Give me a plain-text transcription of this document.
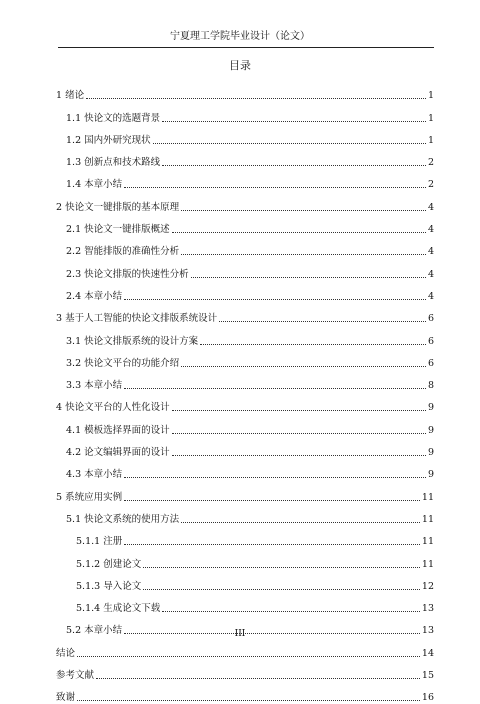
宁夏理工学院毕业设计（论文）
目录
1 绪论	1
1.1 快论文的选题背景	1
1.2 国内外研究现状	1
1.3 创新点和技术路线	2
1.4 本章小结	2
2 快论文一键排版的基本原理	4
2.1 快论文一键排版概述	4
2.2 智能排版的准确性分析	4
2.3 快论文排版的快速性分析	4
2.4 本章小结	4
3 基于人工智能的快论文排版系统设计	6
3.1 快论文排版系统的设计方案	6
3.2 快论文平台的功能介绍	6
3.3 本章小结	8
4 快论文平台的人性化设计	9
4.1 模板选择界面的设计	9
4.2 论文编辑界面的设计	9
4.3 本章小结	9
5 系统应用实例	11
5.1 快论文系统的使用方法	11
5.1.1 注册	11
5.1.2 创建论文	11
5.1.3 导入论文	12
5.1.4 生成论文下载	13
5.2 本章小结	13
结论	14
参考文献	15
致谢	16
III
